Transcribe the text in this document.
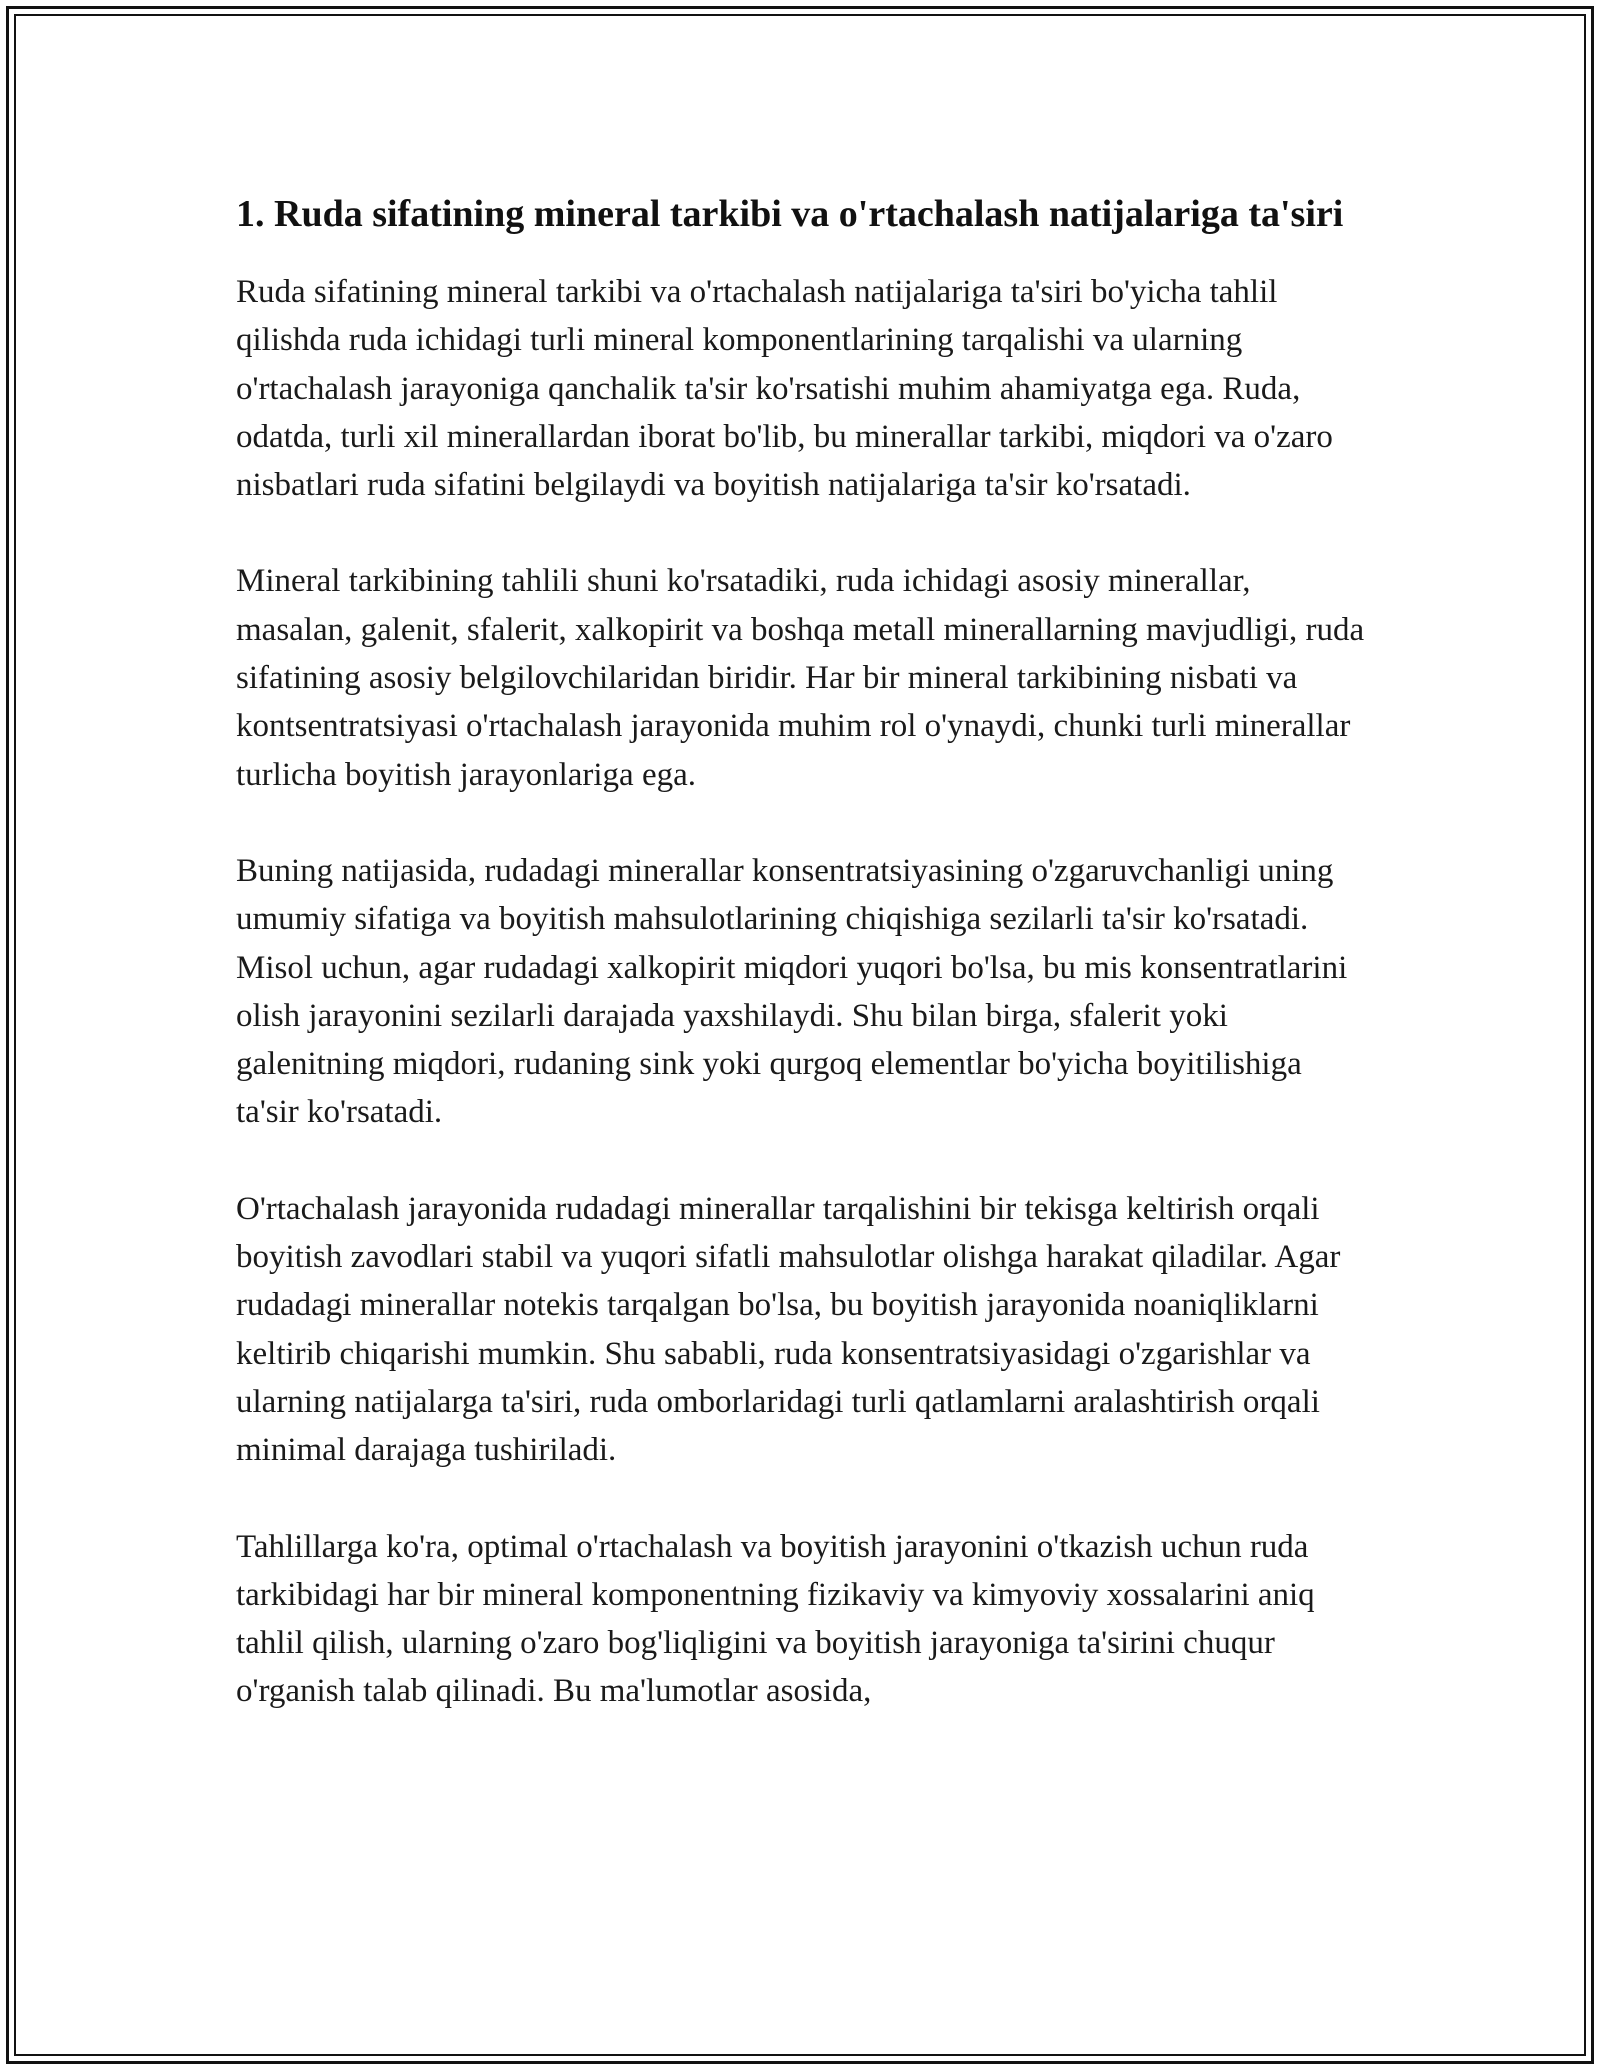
1. Ruda sifatining mineral tarkibi va o'rtachalash natijalariga ta'siri

Ruda sifatining mineral tarkibi va o'rtachalash natijalariga ta'siri bo'yicha tahlil qilishda ruda ichidagi turli mineral komponentlarining tarqalishi va ularning o'rtachalash jarayoniga qanchalik ta'sir ko'rsatishi muhim ahamiyatga ega. Ruda, odatda, turli xil minerallardan iborat bo'lib, bu minerallar tarkibi, miqdori va o'zaro nisbatlari ruda sifatini belgilaydi va boyitish natijalariga ta'sir ko'rsatadi.

Mineral tarkibining tahlili shuni ko'rsatadiki, ruda ichidagi asosiy minerallar, masalan, galenit, sfalerit, xalkopirit va boshqa metall minerallarning mavjudligi, ruda sifatining asosiy belgilovchilaridan biridir. Har bir mineral tarkibining nisbati va kontsentratsiyasi o'rtachalash jarayonida muhim rol o'ynaydi, chunki turli minerallar turlicha boyitish jarayonlariga ega.

Buning natijasida, rudadagi minerallar konsentratsiyasining o'zgaruvchanligi uning umumiy sifatiga va boyitish mahsulotlarining chiqishiga sezilarli ta'sir ko'rsatadi. Misol uchun, agar rudadagi xalkopirit miqdori yuqori bo'lsa, bu mis konsentratlarini olish jarayonini sezilarli darajada yaxshilaydi. Shu bilan birga, sfalerit yoki galenitning miqdori, rudaning sink yoki qurgoq elementlar bo'yicha boyitilishiga ta'sir ko'rsatadi.

O'rtachalash jarayonida rudadagi minerallar tarqalishini bir tekisga keltirish orqali boyitish zavodlari stabil va yuqori sifatli mahsulotlar olishga harakat qiladilar. Agar rudadagi minerallar notekis tarqalgan bo'lsa, bu boyitish jarayonida noaniqliklarni keltirib chiqarishi mumkin. Shu sababli, ruda konsentratsiyasidagi o'zgarishlar va ularning natijalarga ta'siri, ruda omborlaridagi turli qatlamlarni aralashtirish orqali minimal darajaga tushiriladi.

Tahlillarga ko'ra, optimal o'rtachalash va boyitish jarayonini o'tkazish uchun ruda tarkibidagi har bir mineral komponentning fizikaviy va kimyoviy xossalarini aniq tahlil qilish, ularning o'zaro bog'liqligini va boyitish jarayoniga ta'sirini chuqur o'rganish talab qilinadi. Bu ma'lumotlar asosida,
